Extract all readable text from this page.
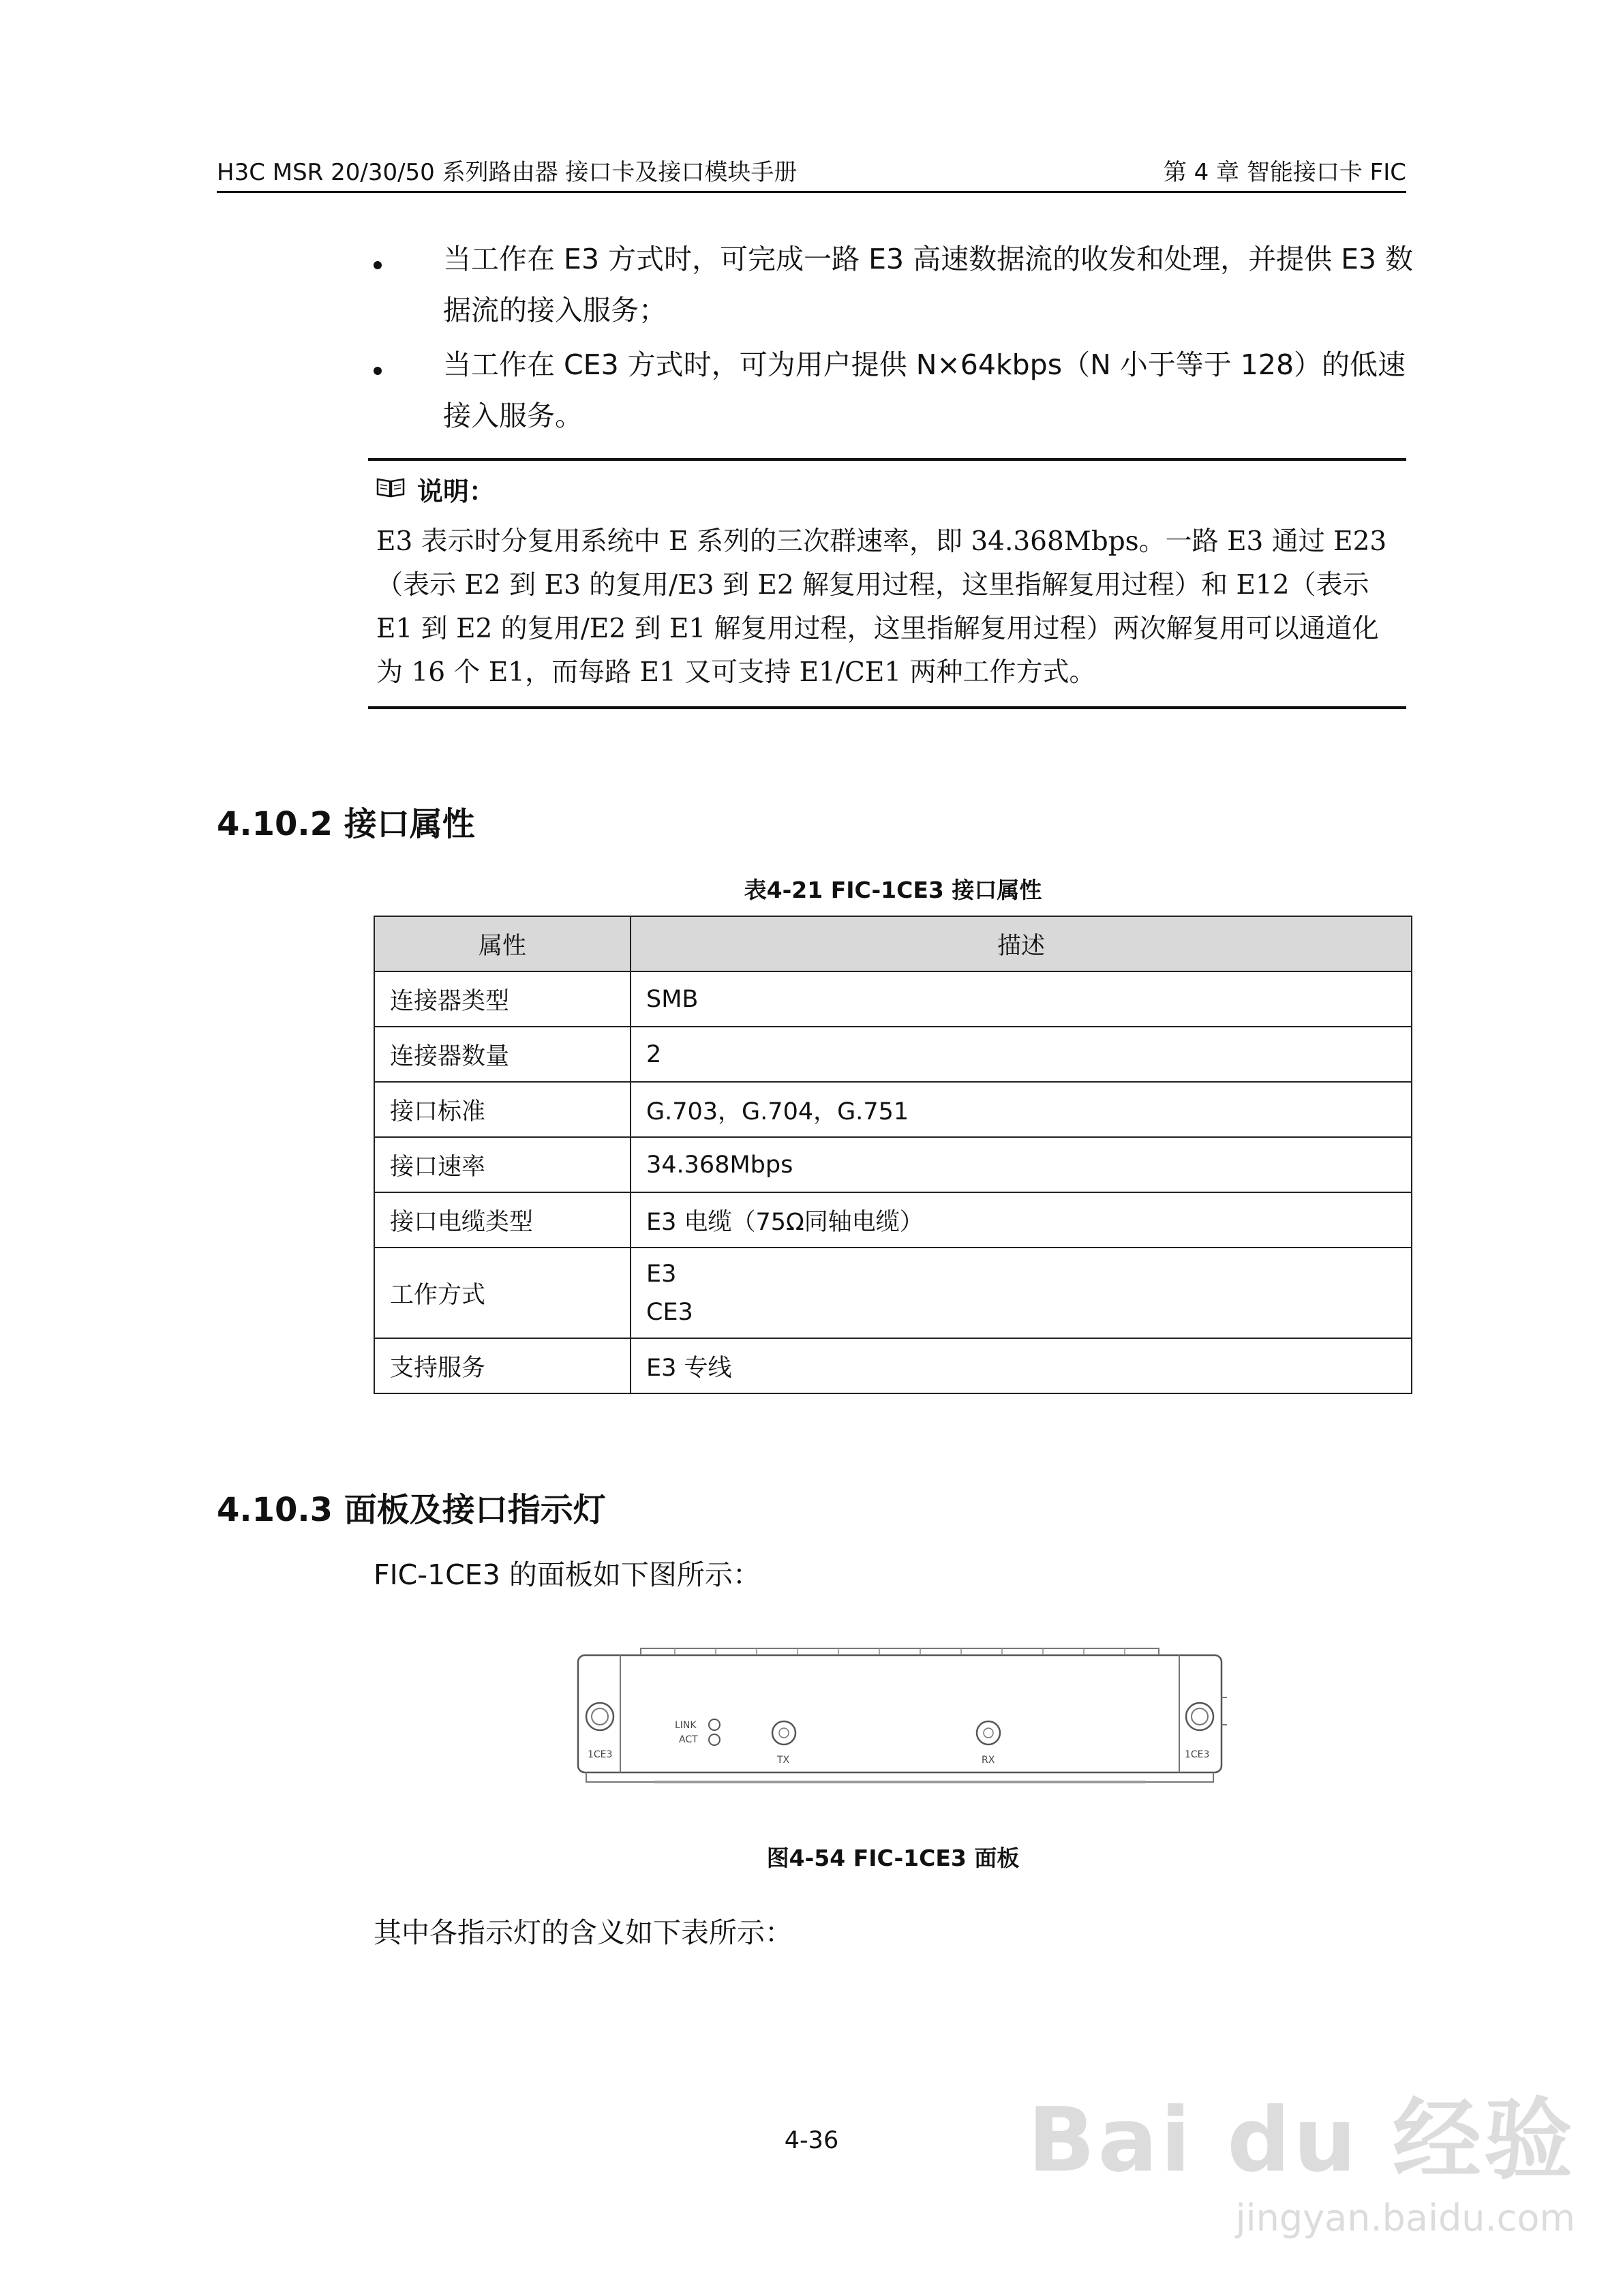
H3C MSR 20/30/50 系列路由器 接口卡及接口模块手册	第 4 章 智能接口卡 FIC
当工作在 E3 方式时，可完成一路 E3 高速数据流的收发和处理，并提供 E3 数
据流的接入服务；
当工作在 CE3 方式时，可为用户提供 N×64kbps（N 小于等于 128）的低速
接入服务。
说明：
E3 表示时分复用系统中 E 系列的三次群速率，即 34.368Mbps。一路 E3 通过 E23
（表示 E2 到 E3 的复用/E3 到 E2 解复用过程，这里指解复用过程）和 E12（表示
E1 到 E2 的复用/E2 到 E1 解复用过程，这里指解复用过程）两次解复用可以通道化
为 16 个 E1，而每路 E1 又可支持 E1/CE1 两种工作方式。
4.10.2 接口属性
表4-21 FIC-1CE3 接口属性
属性	描述
连接器类型	SMB
连接器数量	2
接口标准	G.703，G.704，G.751
接口速率	34.368Mbps
接口电缆类型	E3 电缆（75Ω同轴电缆）
工作方式	E3
CE3

支持服务	E3 专线
4.10.3 面板及接口指示灯
FIC-1CE3 的面板如下图所示：
LINK
ACT
TX	RX
1CE3	1CE3
图4-54 FIC-1CE3 面板
其中各指示灯的含义如下表所示：
4-36	Bai du 经验
jingyan.baidu.com
